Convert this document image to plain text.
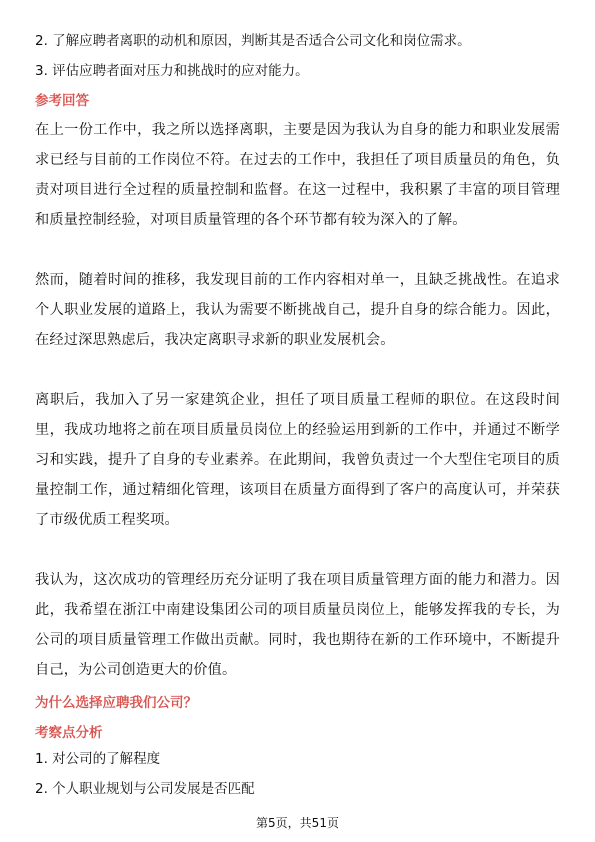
2. 了解应聘者离职的动机和原因，判断其是否适合公司文化和岗位需求。
3. 评估应聘者面对压力和挑战时的应对能力。
参考回答

在上一份工作中，我之所以选择离职，主要是因为我认为自身的能力和职业发展需求已经与目前的工作岗位不符。在过去的工作中，我担任了项目质量员的角色，负责对项目进行全过程的质量控制和监督。在这一过程中，我积累了丰富的项目管理和质量控制经验，对项目质量管理的各个环节都有较为深入的了解。

然而，随着时间的推移，我发现目前的工作内容相对单一，且缺乏挑战性。在追求个人职业发展的道路上，我认为需要不断挑战自己，提升自身的综合能力。因此，在经过深思熟虑后，我决定离职寻求新的职业发展机会。

离职后，我加入了另一家建筑企业，担任了项目质量工程师的职位。在这段时间里，我成功地将之前在项目质量员岗位上的经验运用到新的工作中，并通过不断学习和实践，提升了自身的专业素养。在此期间，我曾负责过一个大型住宅项目的质量控制工作，通过精细化管理，该项目在质量方面得到了客户的高度认可，并荣获了市级优质工程奖项。

我认为，这次成功的管理经历充分证明了我在项目质量管理方面的能力和潜力。因此，我希望在浙江中南建设集团公司的项目质量员岗位上，能够发挥我的专长，为公司的项目质量管理工作做出贡献。同时，我也期待在新的工作环境中，不断提升自己，为公司创造更大的价值。

为什么选择应聘我们公司？
考察点分析
1. 对公司的了解程度
2. 个人职业规划与公司发展是否匹配
第5页，共51页
